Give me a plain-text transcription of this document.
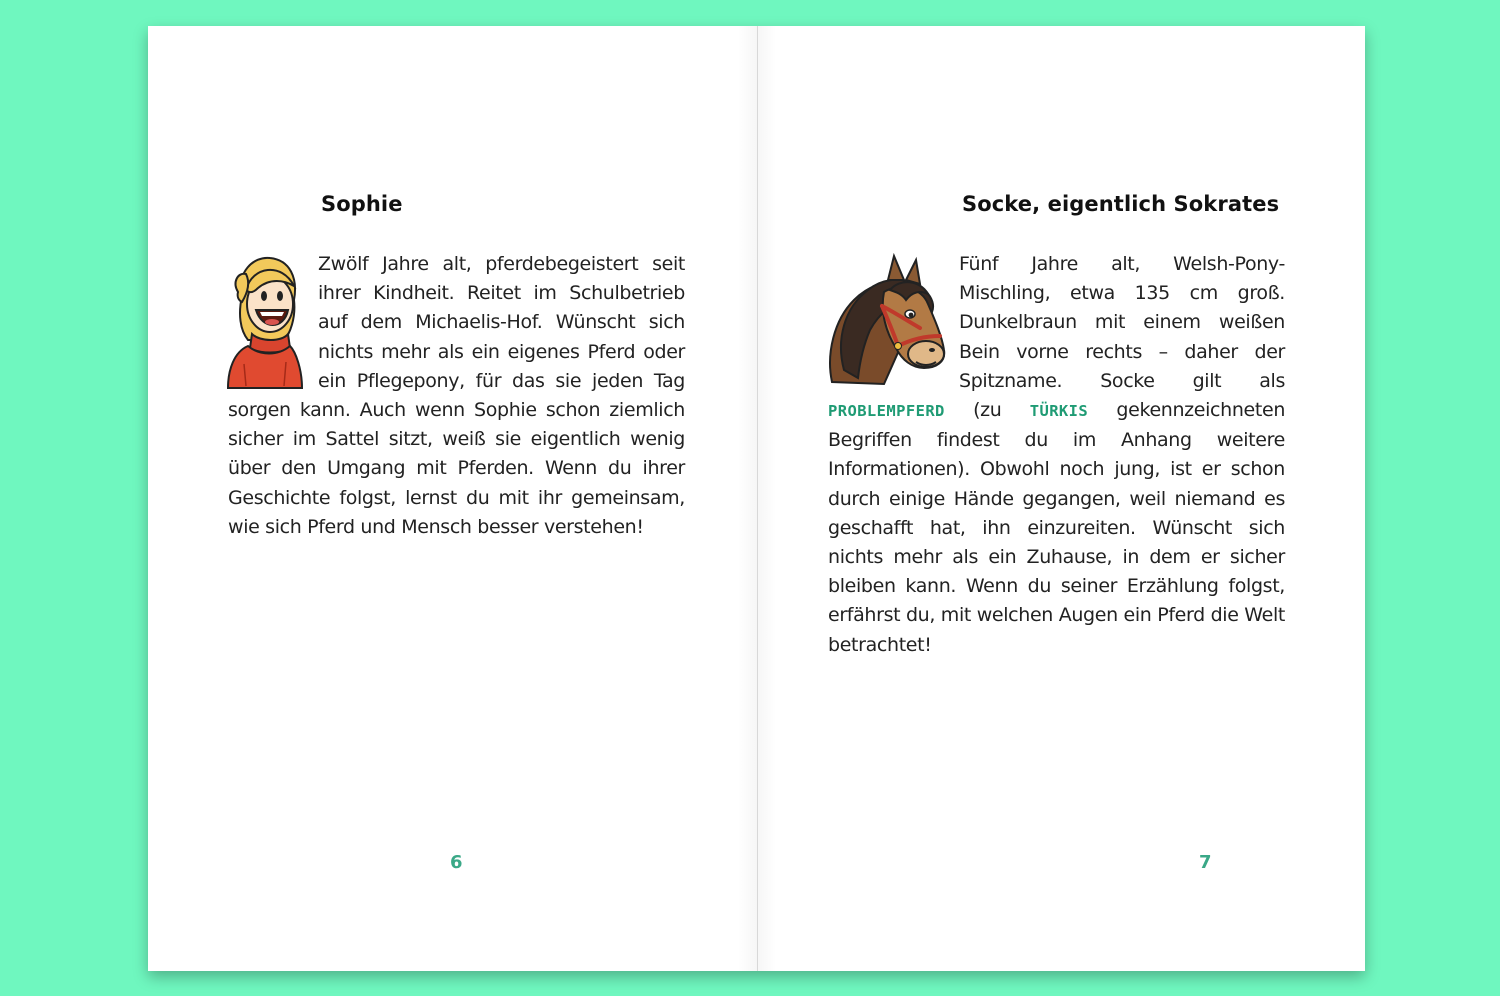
Sophie

Zwölf Jahre alt, pferdebegeistert seit ihrer Kindheit. Reitet im Schulbetrieb auf dem Michaelis-Hof. Wünscht sich nichts mehr als ein eigenes Pferd oder ein Pflegepony, für das sie jeden Tag sorgen kann. Auch wenn Sophie schon ziemlich sicher im Sattel sitzt, weiß sie eigentlich wenig über den Umgang mit Pferden. Wenn du ihrer Geschichte folgst, lernst du mit ihr gemeinsam, wie sich Pferd und Mensch besser verstehen!

6

Socke, eigentlich Sokrates

Fünf Jahre alt, Welsh-Pony-Mischling, etwa 135 cm groß. Dunkelbraun mit einem weißen Bein vorne rechts – daher der Spitzname. Socke gilt als PROBLEMPFERD (zu TÜRKIS gekennzeichneten Begriffen findest du im Anhang weitere Informationen). Obwohl noch jung, ist er schon durch einige Hände gegangen, weil niemand es geschafft hat, ihn einzureiten. Wünscht sich nichts mehr als ein Zuhause, in dem er sicher bleiben kann. Wenn du seiner Erzählung folgst, erfährst du, mit welchen Augen ein Pferd die Welt betrachtet!

7
